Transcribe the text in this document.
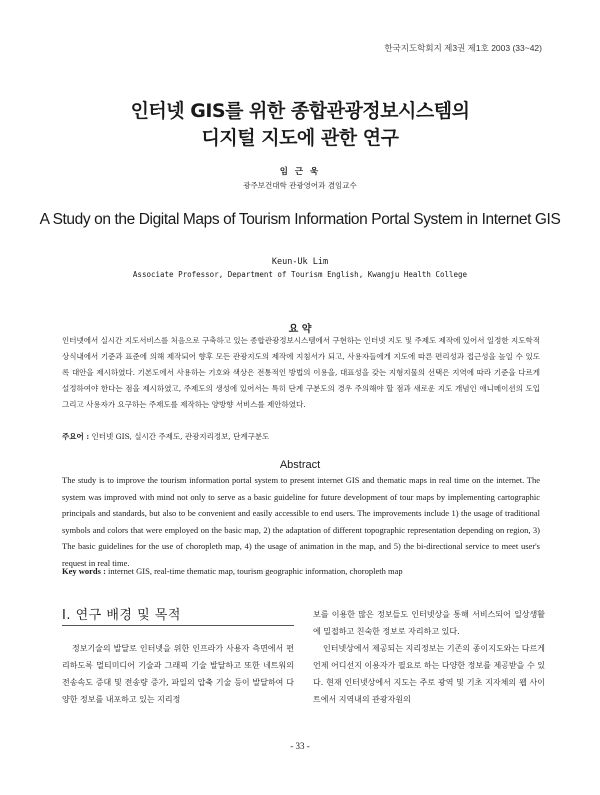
한국지도학회지 제3권 제1호 2003 (33~42)
인터넷 GIS를 위한 종합관광정보시스템의
디지털 지도에 관한 연구
임 근 욱
광주보건대학 관광영어과 겸임교수
A Study on the Digital Maps of Tourism Information Portal System in Internet GIS
Keun-Uk Lim
Associate Professor, Department of Tourism English, Kwangju Health College
요 약
인터넷에서 실시간 지도서비스를 처음으로 구축하고 있는 종합관광정보시스템에서 구현하는 인터넷 지도 및 주제도 제작에 있어서 일정한 지도학적 상식내에서 기준과 표준에 의해 제작되어 향후 모든 관광지도의 제작에 지침서가 되고, 사용자들에게 지도에 따른 편리성과 접근성을 높일 수 있도록 대안을 제시하였다. 기본도에서 사용하는 기호와 색상은 전통적인 방법의 이용을, 대표성을 갖는 지형지물의 선택은 지역에 따라 기준을 다르게 설정하여야 한다는 점을 제시하였고, 주제도의 생성에 있어서는 특히 단계 구분도의 경우 주의해야 할 점과 새로운 지도 개념인 애니메이션의 도입 그리고 사용자가 요구하는 주제도를 제작하는 양방향 서비스를 제안하였다.
주요어 : 인터넷 GIS, 실시간 주제도, 관광지리정보, 단계구분도
Abstract
The study is to improve the tourism information portal system to present internet GIS and thematic maps in real time on the internet. The system was improved with mind not only to serve as a basic guideline for future development of tour maps by implementing cartographic principals and standards, but also to be convenient and easily accessible to end users. The improvements include 1) the usage of traditional symbols and colors that were employed on the basic map, 2) the adaptation of different topographic representation depending on region, 3) The basic guidelines for the use of choropleth map, 4) the usage of animation in the map, and 5) the bi-directional service to meet user's request in real time.
Key words : internet GIS, real-time thematic map, tourism geographic information, choropleth map
Ⅰ. 연구 배경 및 목적

정보기술의 발달로 인터넷을 위한 인프라가 사용자 측면에서 편리하도록 멀티미디어 기술과 그래픽 기술 발달하고 또한 네트워의 전송속도 증대 및 전송량 증가, 파일의 압축 기술 등이 발달하여 다양한 정보를 내포하고 있는 지리정

보를 이용한 많은 정보들도 인터넷상을 통해 서비스되어 일상생활에 밀접하고 친숙한 정보로 자리하고 있다.

인터넷상에서 제공되는 지리정보는 기존의 종이지도와는 다르게 언제 어디선지 이용자가 필요로 하는 다양한 정보를 제공받을 수 있다. 현재 인터넷상에서 지도는 주로 광역 및 기초 지자체의 웹 사이트에서 지역내의 관광자원의

- 33 -
